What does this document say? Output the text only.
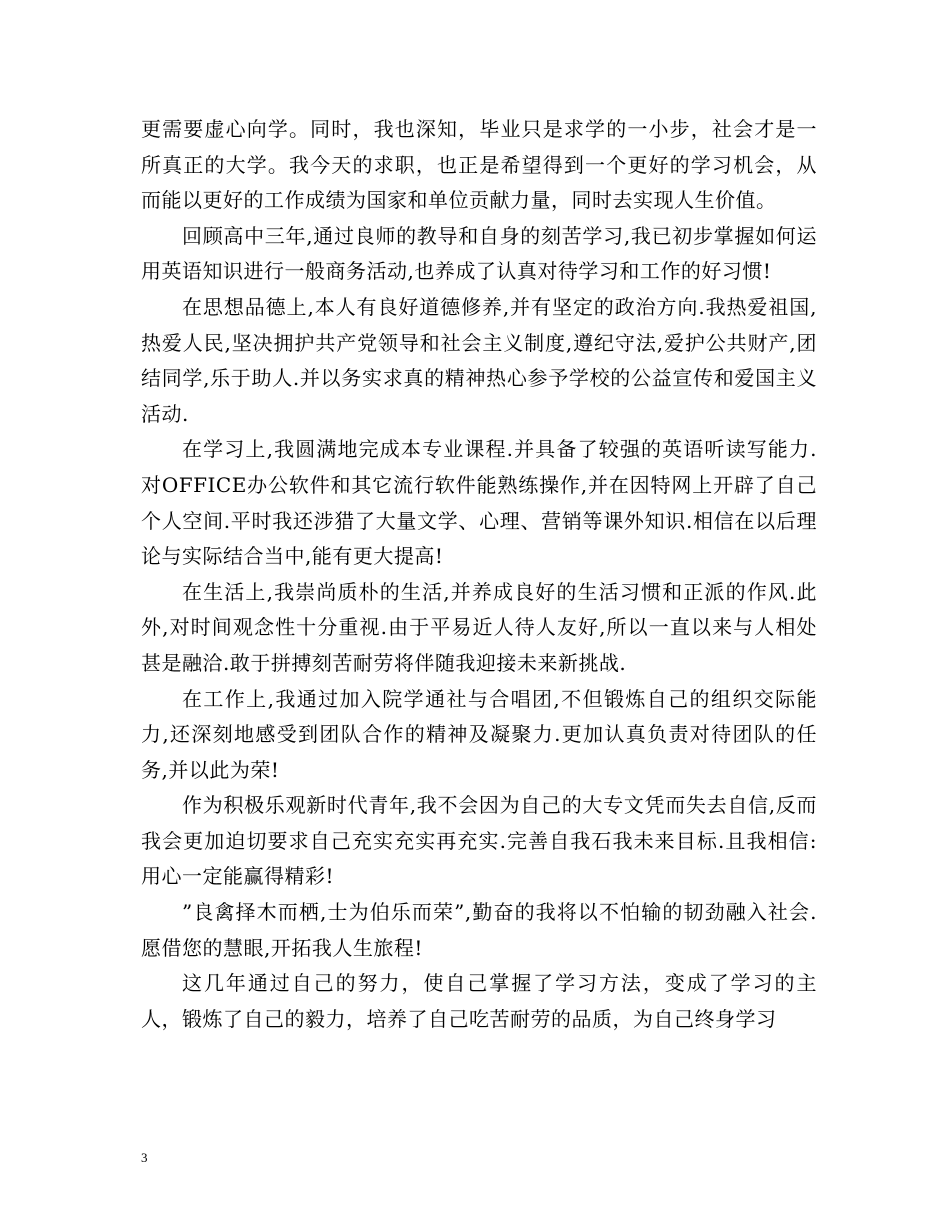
更需要虚心向学。同时，我也深知，毕业只是求学的一小步，社会才是一所真正的大学。我今天的求职，也正是希望得到一个更好的学习机会，从而能以更好的工作成绩为国家和单位贡献力量，同时去实现人生价值。

回顾高中三年,通过良师的教导和自身的刻苦学习,我已初步掌握如何运用英语知识进行一般商务活动,也养成了认真对待学习和工作的好习惯!

在思想品德上,本人有良好道德修养,并有坚定的政治方向.我热爱祖国,热爱人民,坚决拥护共产党领导和社会主义制度,遵纪守法,爱护公共财产,团结同学,乐于助人.并以务实求真的精神热心参予学校的公益宣传和爱国主义活动.

在学习上,我圆满地完成本专业课程.并具备了较强的英语听读写能力.对OFFICE办公软件和其它流行软件能熟练操作,并在因特网上开辟了自己个人空间.平时我还涉猎了大量文学、心理、营销等课外知识.相信在以后理论与实际结合当中,能有更大提高!

在生活上,我崇尚质朴的生活,并养成良好的生活习惯和正派的作风.此外,对时间观念性十分重视.由于平易近人待人友好,所以一直以来与人相处甚是融洽.敢于拼搏刻苦耐劳将伴随我迎接未来新挑战.

在工作上,我通过加入院学通社与合唱团,不但锻炼自己的组织交际能力,还深刻地感受到团队合作的精神及凝聚力.更加认真负责对待团队的任务,并以此为荣!

作为积极乐观新时代青年,我不会因为自己的大专文凭而失去自信,反而我会更加迫切要求自己充实充实再充实.完善自我石我未来目标.且我相信:用心一定能赢得精彩!

”良禽择木而栖,士为伯乐而荣”,勤奋的我将以不怕输的韧劲融入社会.愿借您的慧眼,开拓我人生旅程!

这几年通过自己的努力，使自己掌握了学习方法，变成了学习的主人，锻炼了自己的毅力，培养了自己吃苦耐劳的品质，为自己终身学习

3
